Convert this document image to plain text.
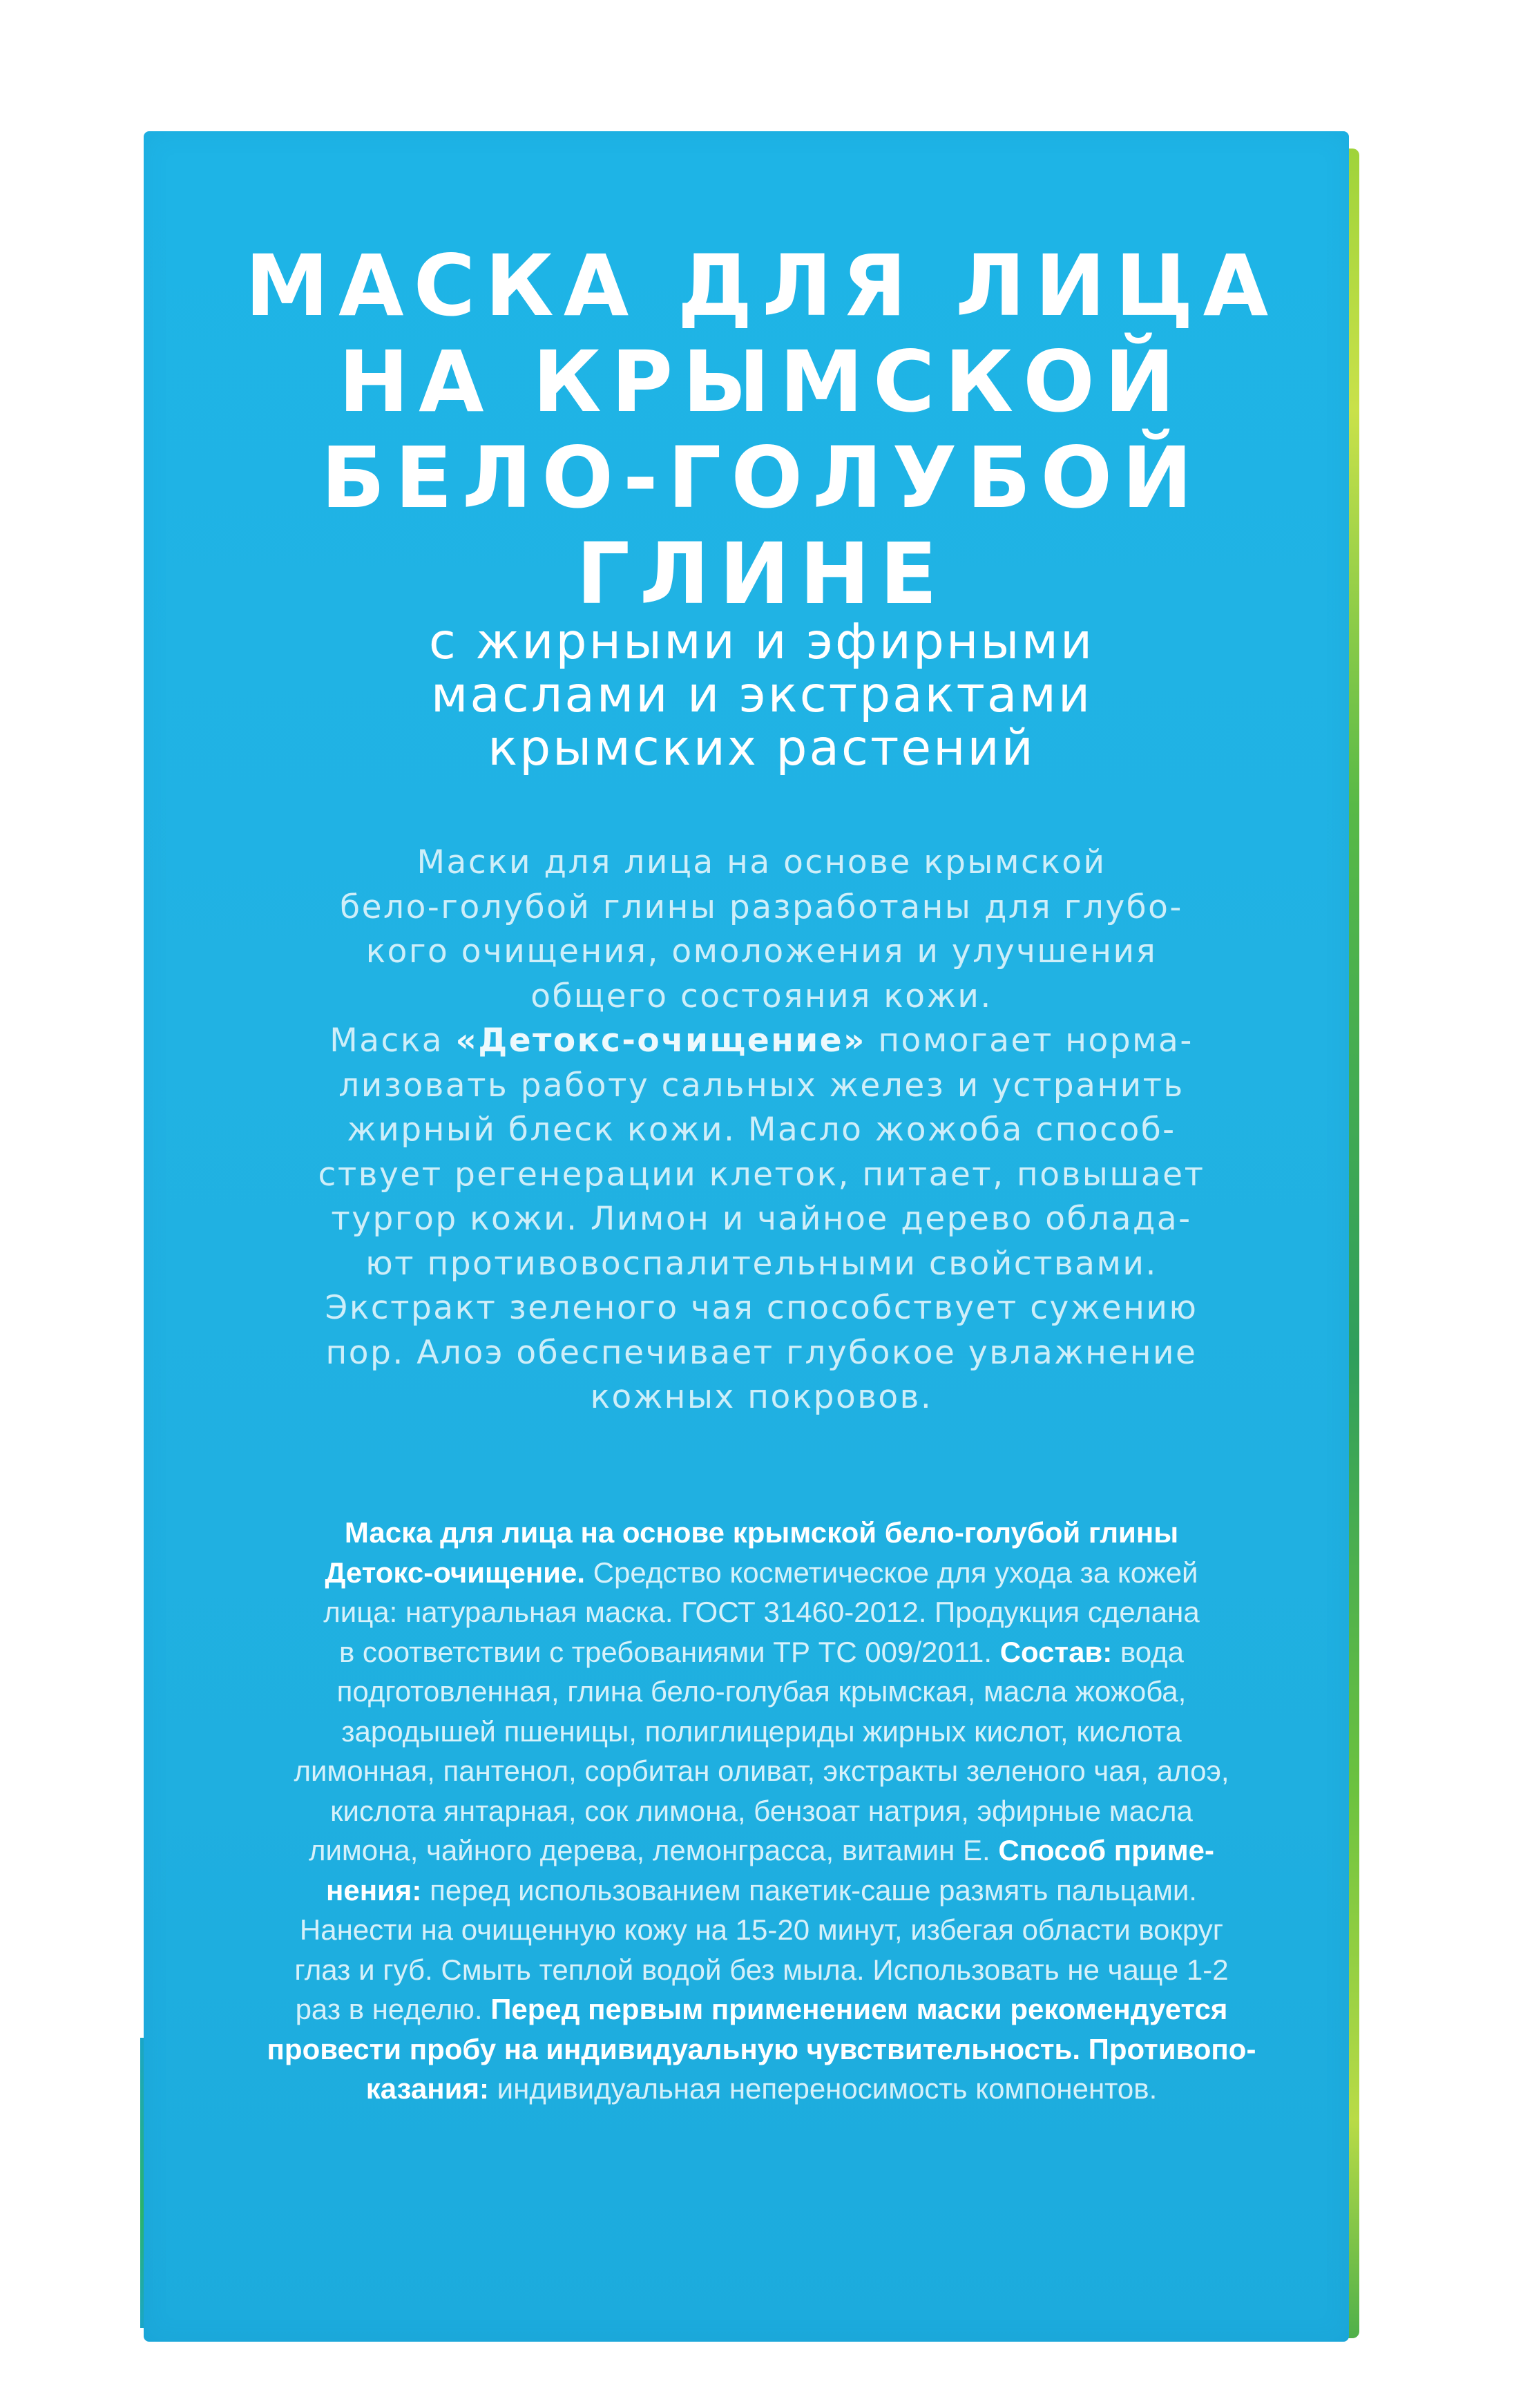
МАСКА ДЛЯ ЛИЦА
НА КРЫМСКОЙ
БЕЛО-ГОЛУБОЙ
ГЛИНЕ
с жирными и эфирными
маслами и экстрактами
крымских растений
Маски для лица на основе крымской
бело-голубой глины разработаны для глубо-
кого очищения, омоложения и улучшения
общего состояния кожи.
Маска «Детокс-очищение» помогает норма-
лизовать работу сальных желез и устранить
жирный блеск кожи. Масло жожоба способ-
ствует регенерации клеток, питает, повышает
тургор кожи. Лимон и чайное дерево облада-
ют противовоспалительными свойствами.
Экстракт зеленого чая способствует сужению
пор. Алоэ обеспечивает глубокое увлажнение
кожных покровов.
Маска для лица на основе крымской бело-голубой глины
Детокс-очищение. Средство косметическое для ухода за кожей
лица: натуральная маска. ГОСТ 31460-2012. Продукция сделана
в соответствии с требованиями ТР ТС 009/2011. Состав: вода
подготовленная, глина бело-голубая крымская, масла жожоба,
зародышей пшеницы, полиглицериды жирных кислот, кислота
лимонная, пантенол, сорбитан оливат, экстракты зеленого чая, алоэ,
кислота янтарная, сок лимона, бензоат натрия, эфирные масла
лимона, чайного дерева, лемонграсса, витамин Е. Способ приме-
нения: перед использованием пакетик-саше размять пальцами.
Нанести на очищенную кожу на 15-20 минут, избегая области вокруг
глаз и губ. Смыть теплой водой без мыла. Использовать не чаще 1-2
раз в неделю. Перед первым применением маски рекомендуется
провести пробу на индивидуальную чувствительность. Противопо-
казания: индивидуальная непереносимость компонентов.
